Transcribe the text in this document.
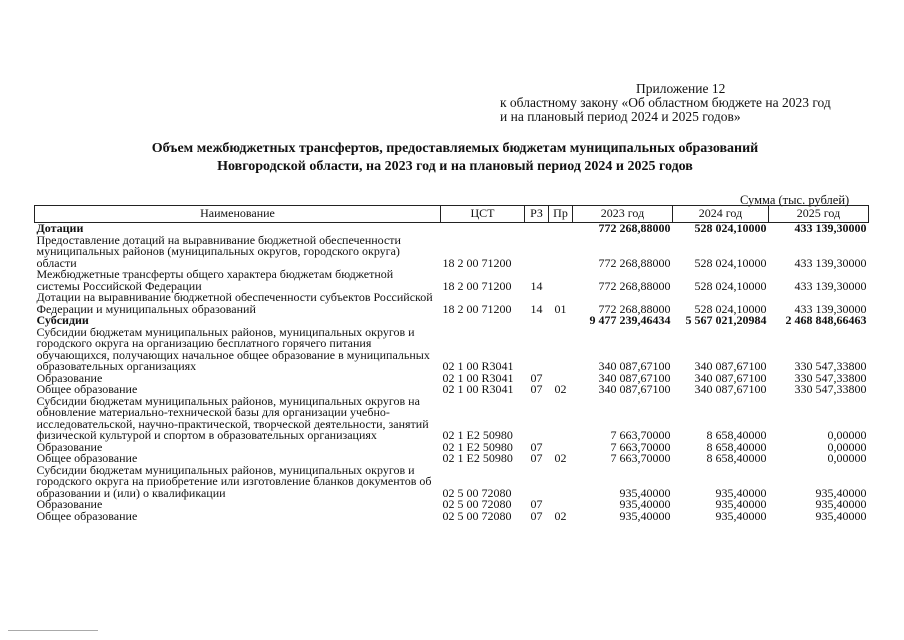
Приложение 12
к областному закону «Об областном бюджете на 2023 год
и на плановый период 2024 и 2025 годов»
Объем межбюджетных трансфертов, предоставляемых бюджетам муниципальных образований
Новгородской области, на 2023 год и на плановый период 2024 и 2025 годов
Сумма (тыс. рублей)
Наименование	ЦСТ	РЗ	Пр	2023 год	2024 год	2025 год
Дотации				772 268,88000	528 024,10000	433 139,30000
Предоставление дотаций на выравнивание бюджетной обеспеченности муниципальных районов (муниципальных округов, городского округа) области	18 2 00 71200			772 268,88000	528 024,10000	433 139,30000
Межбюджетные трансферты общего характера бюджетам бюджетной системы Российской Федерации	18 2 00 71200	14		772 268,88000	528 024,10000	433 139,30000
Дотации на выравнивание бюджетной обеспеченности субъектов Российской Федерации и муниципальных образований	18 2 00 71200	14	01	772 268,88000	528 024,10000	433 139,30000
Субсидии				9 477 239,46434	5 567 021,20984	2 468 848,66463
Субсидии бюджетам муниципальных районов, муниципальных округов и городского округа на организацию бесплатного горячего питания обучающихся, получающих начальное общее образование в муниципальных образовательных организациях	02 1 00 R3041			340 087,67100	340 087,67100	330 547,33800
Образование	02 1 00 R3041	07		340 087,67100	340 087,67100	330 547,33800
Общее образование	02 1 00 R3041	07	02	340 087,67100	340 087,67100	330 547,33800
Субсидии бюджетам муниципальных районов, муниципальных округов на обновление материально-технической базы для организации учебно-исследовательской, научно-практической, творческой деятельности, занятий физической культурой и спортом в образовательных организациях	02 1 E2 50980			7 663,70000	8 658,40000	0,00000
Образование	02 1 E2 50980	07		7 663,70000	8 658,40000	0,00000
Общее образование	02 1 E2 50980	07	02	7 663,70000	8 658,40000	0,00000
Субсидии бюджетам муниципальных районов, муниципальных округов и городского округа на приобретение или изготовление бланков документов об образовании и (или) о квалификации	02 5 00 72080			935,40000	935,40000	935,40000
Образование	02 5 00 72080	07		935,40000	935,40000	935,40000
Общее образование	02 5 00 72080	07	02	935,40000	935,40000	935,40000
